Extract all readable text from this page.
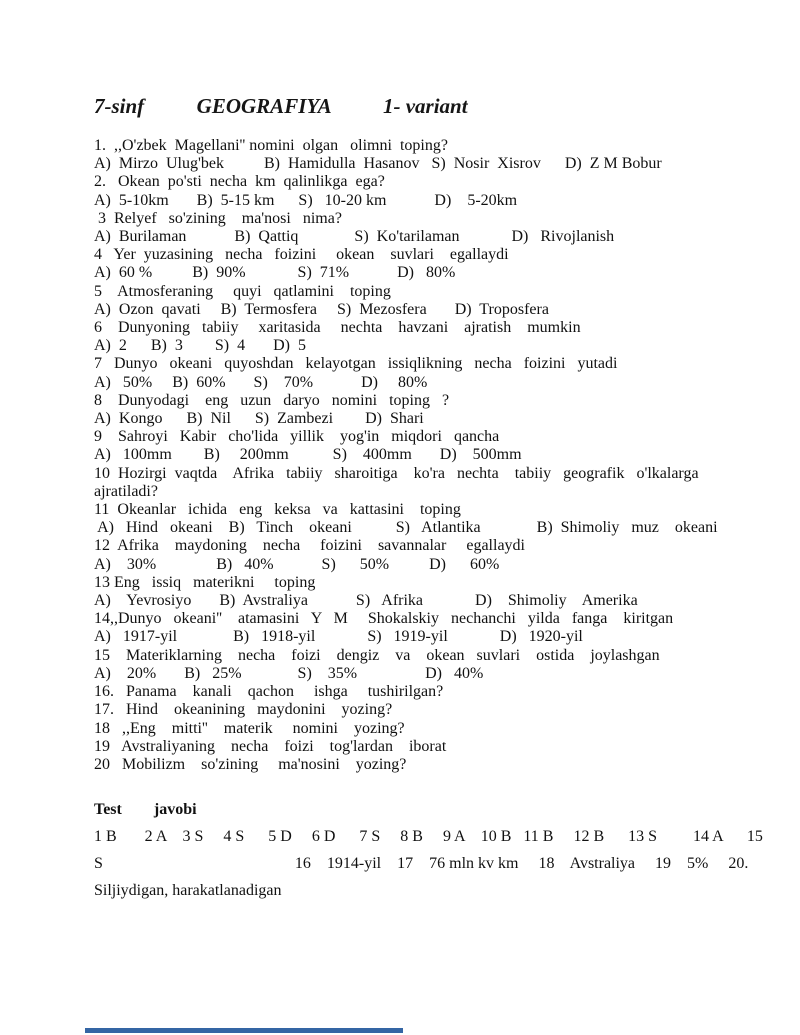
7-sinf          GEOGRAFIYA          1- variant
1.  ,,O'zbek  Magellani'' nomini  olgan   olimni  toping?
A)  Mirzo  Ulug'bek          B)  Hamidulla  Hasanov   S)  Nosir  Xisrov      D)  Z M Bobur
2.   Okean  po'sti  necha  km  qalinlikga  ega?
A)  5-10km       B)  5-15 km      S)   10-20 km            D)    5-20km
3  Relyef   so'zining    ma'nosi   nima?
A)  Burilaman            B)  Qattiq              S)  Ko'tarilaman             D)   Rivojlanish
4   Yer  yuzasining   necha   foizini     okean    suvlari    egallaydi
A)  60 %          B)  90%             S)  71%            D)   80%
5    Atmosferaning     quyi   qatlamini    toping
A)  Ozon  qavati     B)  Termosfera     S)  Mezosfera       D)  Troposfera
6    Dunyoning   tabiiy     xaritasida     nechta    havzani    ajratish    mumkin
A)  2      B)  3        S)  4       D)  5
7   Dunyo   okeani   quyoshdan   kelayotgan   issiqlikning   necha   foizini   yutadi
A)   50%     B)  60%       S)    70%            D)     80%
8    Dunyodagi    eng   uzun   daryo   nomini   toping   ?
A)  Kongo      B)  Nil      S)  Zambezi        D)  Shari
9    Sahroyi   Kabir   cho'lida   yillik    yog'in   miqdori   qancha
A)   100mm        B)     200mm           S)    400mm       D)    500mm
10  Hozirgi  vaqtda    Afrika   tabiiy   sharoitiga    ko'ra   nechta    tabiiy   geografik   o'lkalarga
ajratiladi?
11  Okeanlar   ichida   eng   keksa   va   kattasini    toping
A)   Hind   okeani    B)   Tinch    okeani           S)   Atlantika              B)  Shimoliy   muz    okeani
12  Afrika    maydoning    necha     foizini    savannalar     egallaydi
A)    30%               B)   40%            S)      50%          D)      60%
13 Eng   issiq   materikni     toping
A)    Yevrosiyo       B)  Avstraliya            S)   Afrika             D)    Shimoliy    Amerika
14,,Dunyo   okeani''    atamasini   Y   M     Shokalskiy   nechanchi   yilda   fanga    kiritgan
A)   1917-yil              B)   1918-yil             S)   1919-yil             D)   1920-yil
15    Materiklarning    necha    foizi    dengiz    va    okean   suvlari    ostida    joylashgan
A)    20%       B)   25%              S)    35%                 D)   40%
16.   Panama    kanali    qachon     ishga     tushirilgan?
17.   Hind    okeanining   maydonini    yozing?
18   ,,Eng    mitti''    materik     nomini    yozing?
19   Avstraliyaning    necha    foizi    tog'lardan    iborat
20   Mobilizm    so'zining     ma'nosini    yozing?
Test        javobi
1 B       2 A    3 S     4 S      5 D     6 D      7 S     8 B     9 A    10 B   11 B     12 B      13 S         14 A      15
S                                                16    1914-yil    17    76 mln kv km     18    Avstraliya     19    5%     20.
Siljiydigan, harakatlanadigan
